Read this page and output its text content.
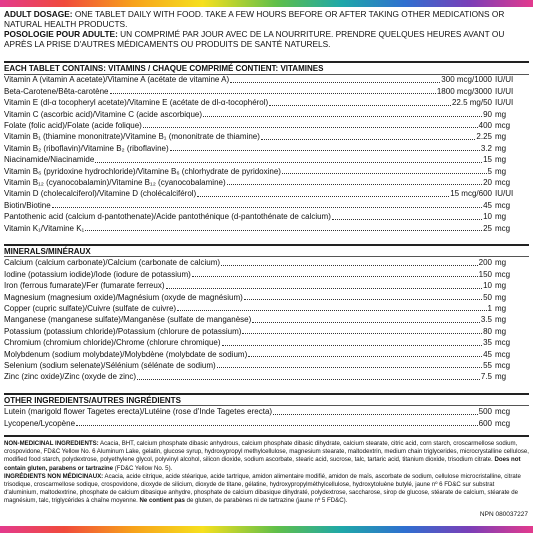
ADULT DOSAGE: ONE TABLET DAILY WITH FOOD. TAKE A FEW HOURS BEFORE OR AFTER TAKING OTHER MEDICATIONS OR NATURAL HEALTH PRODUCTS.
POSOLOGIE POUR ADULTE: UN COMPRIMÉ PAR JOUR AVEC DE LA NOURRITURE. PRENDRE QUELQUES HEURES AVANT OU APRÈS LA PRISE D'AUTRES MÉDICAMENTS OU PRODUITS DE SANTÉ NATURELS.
EACH TABLET CONTAINS: VITAMINS / CHAQUE COMPRIMÉ CONTIENT: VITAMINES
Vitamin A (vitamin A acetate)/Vitamine A (acétate de vitamine A)	300 mcg/1000 IU/UI
Beta-Carotene/Bêta-carotène	1800 mcg/3000 IU/UI
Vitamin E (dl-α tocopheryl acetate)/Vitamine E (acétate de dl-α-tocophérol)	22.5 mg/50 IU/UI
Vitamin C (ascorbic acid)/Vitamine C (acide ascorbique)	90 mg
Folate (folic acid)/Folate (acide folique)	400 mcg
Vitamin B₁ (thiamine mononitrate)/Vitamine B₁ (mononitrate de thiamine)	2.25 mg
Vitamin B₂ (riboflavin)/Vitamine B₂ (riboflavine)	3.2 mg
Niacinamide/Niacinamide	15 mg
Vitamin B₆ (pyridoxine hydrochloride)/Vitamine B₆ (chlorhydrate de pyridoxine)	5 mg
Vitamin B₁₂ (cyanocobalamin)/Vitamine B₁₂ (cyanocobalamine)	20 mcg
Vitamin D (cholecalciferol)/Vitamine D (cholécalciférol)	15 mcg/600 IU/UI
Biotin/Biotine	45 mcg
Pantothenic acid (calcium d-pantothenate)/Acide pantothénique (d-pantothénate de calcium)	10 mg
Vitamin K₁/Vitamine K₁	25 mcg
MINERALS/MINÉRAUX
Calcium (calcium carbonate)/Calcium (carbonate de calcium)	200 mg
Iodine (potassium iodide)/Iode (iodure de potassium)	150 mcg
Iron (ferrous fumarate)/Fer (fumarate ferreux)	10 mg
Magnesium (magnesium oxide)/Magnésium (oxyde de magnésium)	50 mg
Copper (cupric sulfate)/Cuivre (sulfate de cuivre)	1 mg
Manganese (manganese sulfate)/Manganèse (sulfate de manganèse)	3.5 mg
Potassium (potassium chloride)/Potassium (chlorure de potassium)	80 mg
Chromium (chromium chloride)/Chrome (chlorure chromique)	35 mcg
Molybdenum (sodium molybdate)/Molybdène (molybdate de sodium)	45 mcg
Selenium (sodium selenate)/Sélénium (sélénate de sodium)	55 mcg
Zinc (zinc oxide)/Zinc (oxyde de zinc)	7.5 mg
OTHER INGREDIENTS/AUTRES INGRÉDIENTS
Lutein (marigold flower Tagetes erecta)/Lutéine (rose d'Inde Tagetes erecta)	500 mcg
Lycopene/Lycopène	600 mcg
NON-MEDICINAL INGREDIENTS: Acacia, BHT, calcium phosphate dibasic anhydrous, calcium phosphate dibasic dihydrate, calcium stearate, citric acid, corn starch, croscarmellose sodium, crospovidone, FD&C Yellow No. 6 Aluminum Lake, gelatin, glucose syrup, hydroxypropyl methylcellulose, magnesium stearate, maltodextrin, medium chain triglycerides, microcrystalline cellulose, modified food starch, polydextrose, polyethylene glycol, polyvinyl alcohol, silicon dioxide, sodium ascorbate, stearic acid, sucrose, talc, tartaric acid, titanium dioxide, trisodium citrate. Does not contain gluten, parabens or tartrazine (FD&C Yellow No. 5).
INGRÉDIENTS NON MÉDICINAUX: Acacia, acide citrique, acide stéarique, acide tartrique, amidon alimentaire modifié, amidon de maïs, ascorbate de sodium, cellulose microcristalline, citrate trisodique, croscarmellose sodique, crospovidone, dioxyde de silicium, dioxyde de titane, gélatine, hydroxypropylméthylcellulose, hydroxytoluène butylé, jaune nº 6 FD&C sur substrat d'aluminium, maltodextrine, phosphate de calcium dibasique anhydre, phosphate de calcium dibasique dihydraté, polydextrose, saccharose, sirop de glucose, stéarate de calcium, stéarate de magnésium, talc, triglycérides à chaîne moyenne. Ne contient pas de gluten, de parabènes ni de tartrazine (jaune nº 5 FD&C).
NPN 080037227
